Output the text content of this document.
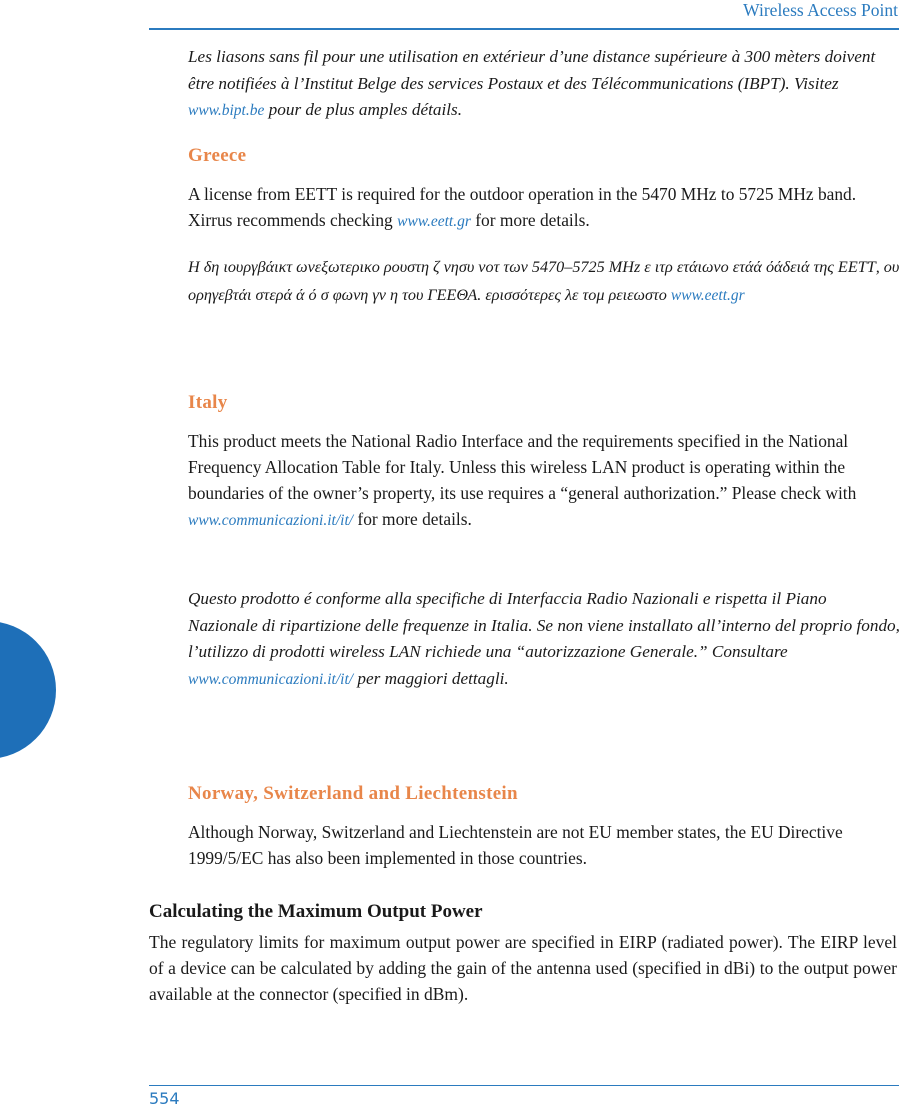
Wireless Access Point

Les liasons sans fil pour une utilisation en extérieur d’une distance supérieure à 300 mèters doivent être notifiées à l’Institut Belge des services Postaux et des Télécommunications (IBPT). Visitez www.bipt.be pour de plus amples détails.

Greece

A license from EETT is required for the outdoor operation in the 5470 MHz to 5725 MHz band. Xirrus recommends checking www.eett.gr for more details.

Η δη ιουργβάικτ ωνεξωτερικο ρουστη ζ νησυ νοτ των 5470–5725 MHz ε ιτρ ετάιωνο ετάά όάδειά της ΕΕΤΤ, ου ορηγεβτάι στερά ά ό σ φωνη γν η του ΓΕΕΘΑ. ερισσότερες λε τομ ρειεωστο www.eett.gr

Italy

This product meets the National Radio Interface and the requirements specified in the National Frequency Allocation Table for Italy. Unless this wireless LAN product is operating within the boundaries of the owner’s property, its use requires a “general authorization.” Please check with www.communicazioni.it/it/ for more details.

Questo prodotto é conforme alla specifiche di Interfaccia Radio Nazionali e rispetta il Piano Nazionale di ripartizione delle frequenze in Italia. Se non viene installato all’interno del proprio fondo, l’utilizzo di prodotti wireless LAN richiede una “autorizzazione Generale.” Consultare www.communicazioni.it/it/ per maggiori dettagli.

Norway, Switzerland and Liechtenstein

Although Norway, Switzerland and Liechtenstein are not EU member states, the EU Directive 1999/5/EC has also been implemented in those countries.

Calculating the Maximum Output Power

The regulatory limits for maximum output power are specified in EIRP (radiated power). The EIRP level of a device can be calculated by adding the gain of the antenna used (specified in dBi) to the output power available at the connector (specified in dBm).

554
